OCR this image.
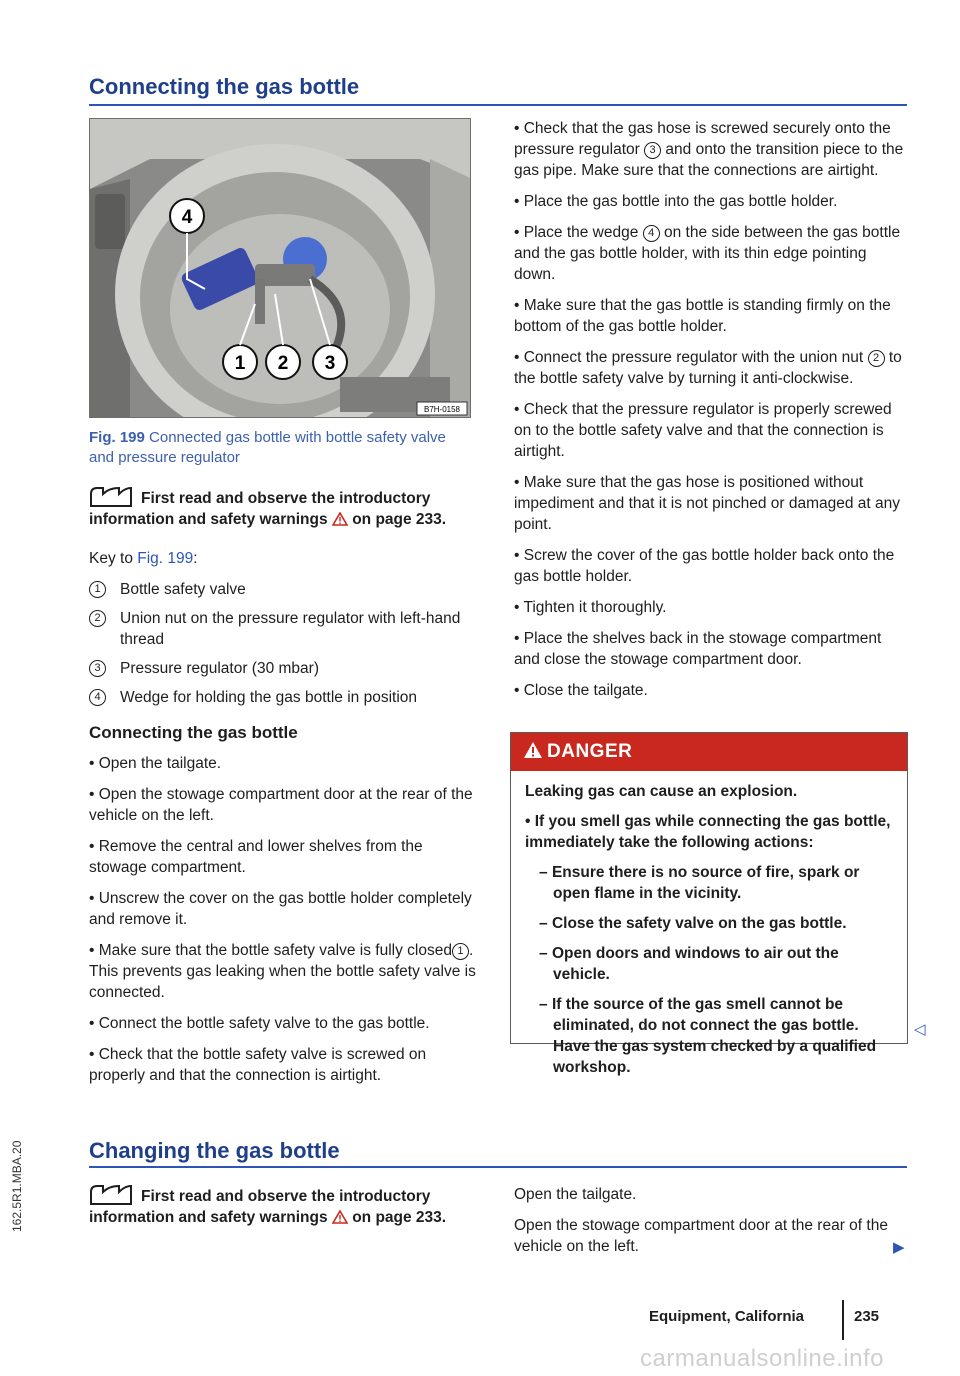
Connecting the gas bottle
1 2 3
4
B7H-0158
Fig. 199 Connected gas bottle with bottle safety valve and pressure regulator

First read and observe the introductory information and safety warnings on page 233.

Key to Fig. 199:

1	Bottle safety valve
2	Union nut on the pressure regulator with left-hand thread
3	Pressure regulator (30 mbar)
4	Wedge for holding the gas bottle in position
Connecting the gas bottle

• Open the tailgate.

• Open the stowage compartment door at the rear of the vehicle on the left.

• Remove the central and lower shelves from the stowage compartment.

• Unscrew the cover on the gas bottle holder completely and remove it.

• Make sure that the bottle safety valve is fully closed 1 . This prevents gas leaking when the bottle safety valve is connected.

• Connect the bottle safety valve to the gas bottle.

• Check that the bottle safety valve is screwed on properly and that the connection is airtight.

• Check that the gas hose is screwed securely onto the pressure regulator 3 and onto the transition piece to the gas pipe. Make sure that the connections are airtight.

• Place the gas bottle into the gas bottle holder.

• Place the wedge 4 on the side between the gas bottle and the gas bottle holder, with its thin edge pointing down.

• Make sure that the gas bottle is standing firmly on the bottom of the gas bottle holder.

• Connect the pressure regulator with the union nut 2 to the bottle safety valve by turning it anti-clockwise.

• Check that the pressure regulator is properly screwed on to the bottle safety valve and that the connection is airtight.

• Make sure that the gas hose is positioned without impediment and that it is not pinched or damaged at any point.

• Screw the cover of the gas bottle holder back onto the gas bottle holder.

• Tighten it thoroughly.

• Place the shelves back in the stowage compartment and close the stowage compartment door.

• Close the tailgate.

DANGER

Leaking gas can cause an explosion.

• If you smell gas while connecting the gas bottle, immediately take the following actions:

– Ensure there is no source of fire, spark or open flame in the vicinity.

– Close the safety valve on the gas bottle.

– Open doors and windows to air out the vehicle.

– If the source of the gas smell cannot be eliminated, do not connect the gas bottle. Have the gas system checked by a qualified workshop.

◁
Changing the gas bottle

First read and observe the introductory information and safety warnings on page 233.

Open the tailgate.

Open the stowage compartment door at the rear of the vehicle on the left.	▶
Equipment, California	235
162.5R1.MBA.20
carmanualsonline.info
